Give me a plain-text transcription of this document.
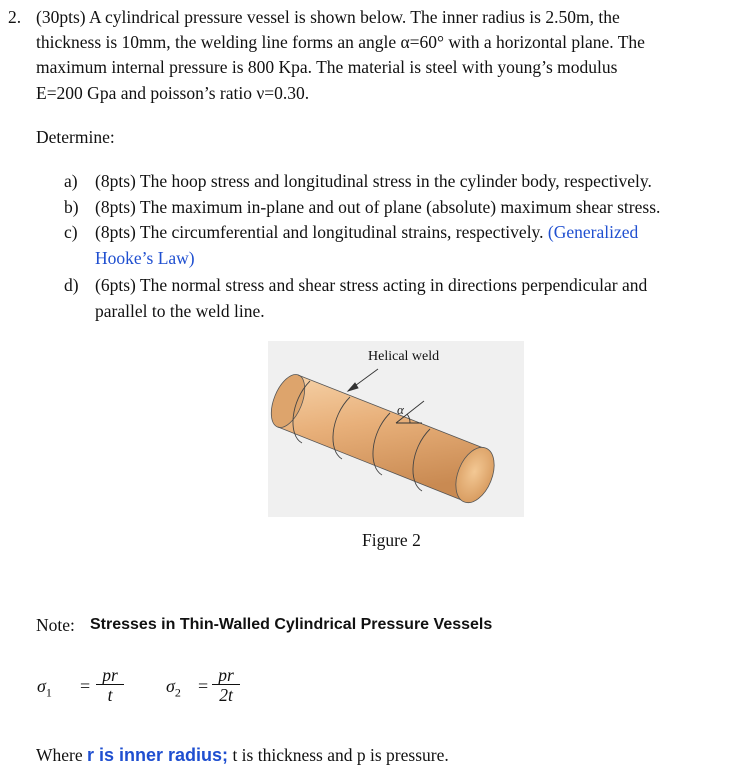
2. (30pts) A cylindrical pressure vessel is shown below. The inner radius is 2.50m, the
thickness is 10mm, the welding line forms an angle α=60° with a horizontal plane. The
maximum internal pressure is 800 Kpa. The material is steel with young’s modulus
E=200 Gpa and poisson’s ratio ν=0.30.
Determine:
a) (8pts) The hoop stress and longitudinal stress in the cylinder body, respectively.
b) (8pts) The maximum in-plane and out of plane (absolute) maximum shear stress.
c) (8pts) The circumferential and longitudinal strains, respectively. (Generalized
Hooke’s Law)
d) (6pts) The normal stress and shear stress acting in directions perpendicular and
parallel to the weld line.
α
Helical weld
Figure 2
Note: Stresses in Thin-Walled Cylindrical Pressure Vessels
$\sigma_1 = \frac{pr}{t} \sigma_2 = \frac{pr}{2t}$
Where r is inner radius; t is thickness and p is pressure.
